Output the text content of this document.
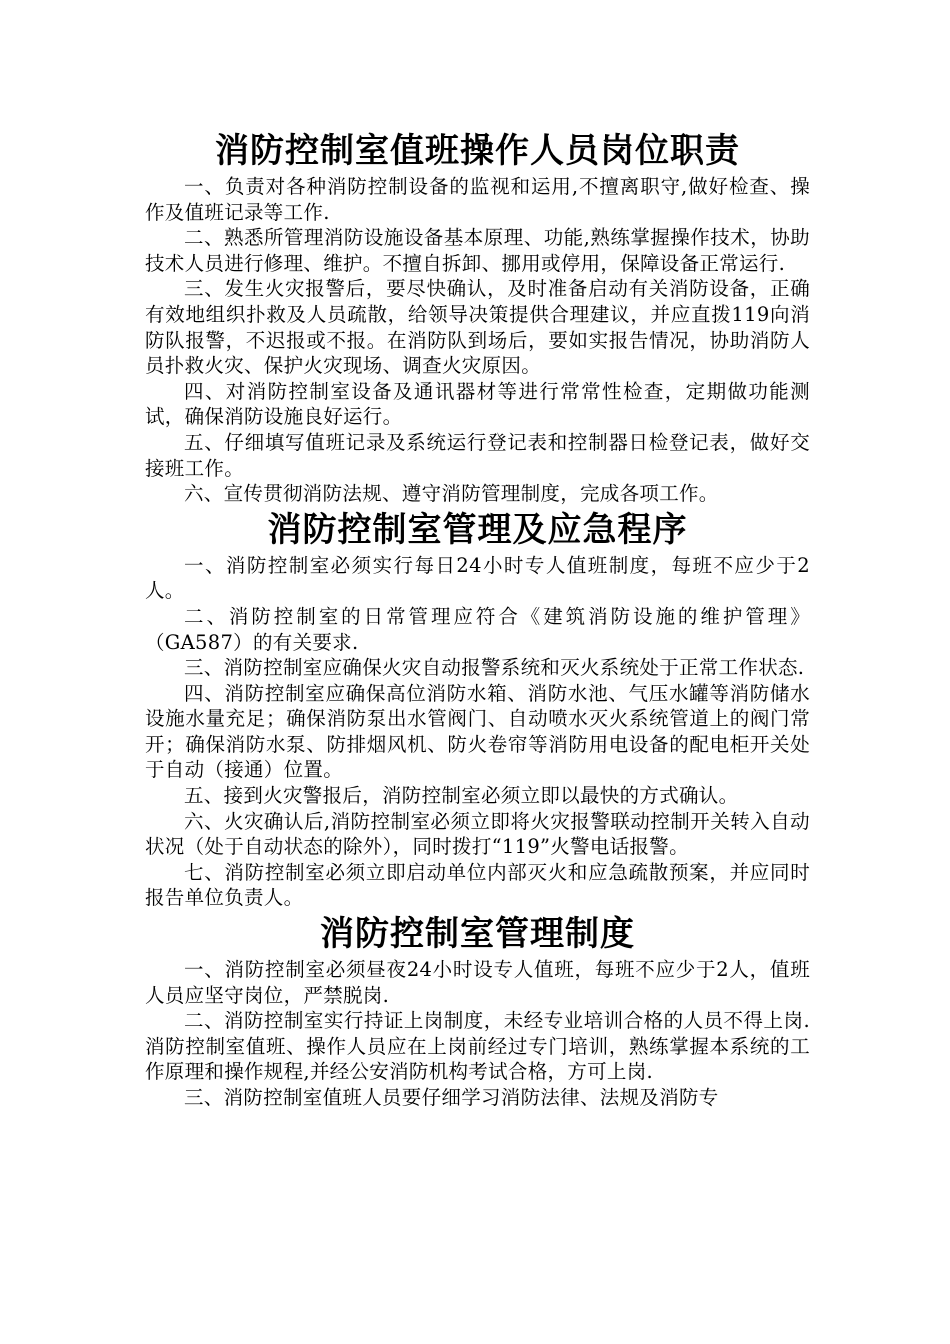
消防控制室值班操作人员岗位职责

一、负责对各种消防控制设备的监视和运用,不擅离职守,做好检查、操作及值班记录等工作.

二、熟悉所管理消防设施设备基本原理、功能,熟练掌握操作技术，协助技术人员进行修理、维护。不擅自拆卸、挪用或停用，保障设备正常运行.

三、发生火灾报警后，要尽快确认，及时准备启动有关消防设备，正确有效地组织扑救及人员疏散，给领导决策提供合理建议，并应直拨119向消防队报警，不迟报或不报。在消防队到场后，要如实报告情况，协助消防人员扑救火灾、保护火灾现场、调查火灾原因。

四、对消防控制室设备及通讯器材等进行常常性检查，定期做功能测试，确保消防设施良好运行。

五、仔细填写值班记录及系统运行登记表和控制器日检登记表，做好交接班工作。

六、宣传贯彻消防法规、遵守消防管理制度，完成各项工作。

消防控制室管理及应急程序

一、消防控制室必须实行每日24小时专人值班制度，每班不应少于2人。

二、消防控制室的日常管理应符合《建筑消防设施的维护管理》（GA587）的有关要求.

三、消防控制室应确保火灾自动报警系统和灭火系统处于正常工作状态.

四、消防控制室应确保高位消防水箱、消防水池、气压水罐等消防储水设施水量充足；确保消防泵出水管阀门、自动喷水灭火系统管道上的阀门常开；确保消防水泵、防排烟风机、防火卷帘等消防用电设备的配电柜开关处于自动（接通）位置。

五、接到火灾警报后，消防控制室必须立即以最快的方式确认。

六、火灾确认后,消防控制室必须立即将火灾报警联动控制开关转入自动状况（处于自动状态的除外），同时拨打“119”火警电话报警。

七、消防控制室必须立即启动单位内部灭火和应急疏散预案，并应同时报告单位负责人。

消防控制室管理制度

一、消防控制室必须昼夜24小时设专人值班，每班不应少于2人，值班人员应坚守岗位，严禁脱岗.

二、消防控制室实行持证上岗制度，未经专业培训合格的人员不得上岗.消防控制室值班、操作人员应在上岗前经过专门培训，熟练掌握本系统的工作原理和操作规程,并经公安消防机构考试合格，方可上岗.

三、消防控制室值班人员要仔细学习消防法律、法规及消防专
